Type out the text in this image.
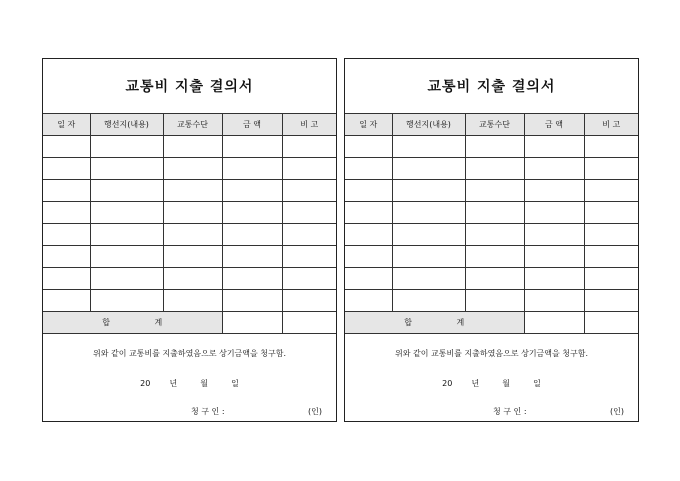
교통비 지출 결의서
일 자	행선지(내용)	교통수단	금 액	비 고

합 계				
위와 같이 교통비를 지출하였음으로 상기금액을 청구함.
20 년	월	일
청 구 인 :	(인)
교통비 지출 결의서
일 자	행선지(내용)	교통수단	금 액	비 고

합 계				
위와 같이 교통비를 지출하였음으로 상기금액을 청구함.
20 년	월	일
청 구 인 :	(인)
